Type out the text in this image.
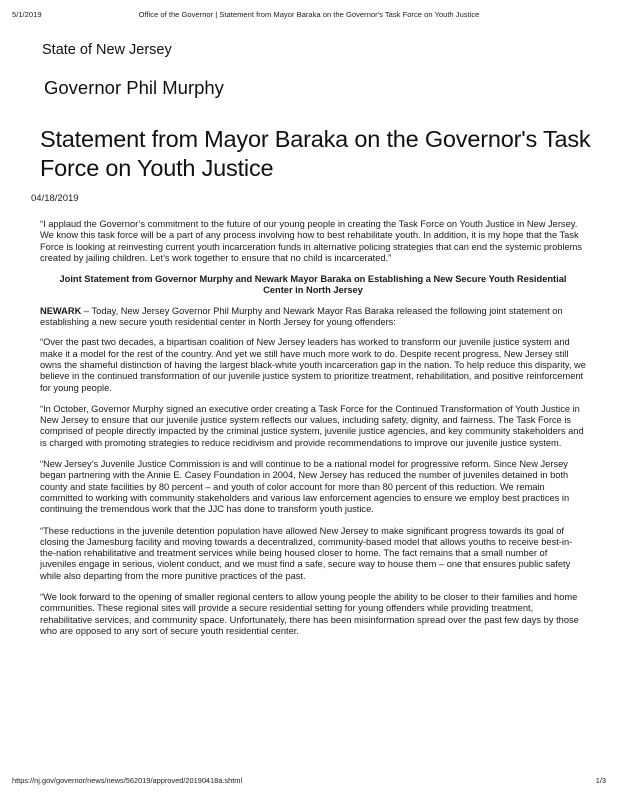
5/1/2019	Office of the Governor | Statement from Mayor Baraka on the Governor's Task Force on Youth Justice
State of New Jersey
Governor Phil Murphy
Statement from Mayor Baraka on the Governor's Task Force on Youth Justice

04/18/2019

“I applaud the Governor’s commitment to the future of our young people in creating the Task Force on Youth Justice in New Jersey. We know this task force will be a part of any process involving how to best rehabilitate youth. In addition, it is my hope that the Task Force is looking at reinvesting current youth incarceration funds in alternative policing strategies that can end the systemic problems created by jailing children. Let’s work together to ensure that no child is incarcerated.”

Joint Statement from Governor Murphy and Newark Mayor Baraka on Establishing a New Secure Youth Residential Center in North Jersey

NEWARK – Today, New Jersey Governor Phil Murphy and Newark Mayor Ras Baraka released the following joint statement on establishing a new secure youth residential center in North Jersey for young offenders:

“Over the past two decades, a bipartisan coalition of New Jersey leaders has worked to transform our juvenile justice system and make it a model for the rest of the country. And yet we still have much more work to do. Despite recent progress, New Jersey still owns the shameful distinction of having the largest black-white youth incarceration gap in the nation. To help reduce this disparity, we believe in the continued transformation of our juvenile justice system to prioritize treatment, rehabilitation, and positive reinforcement for young people.

“In October, Governor Murphy signed an executive order creating a Task Force for the Continued Transformation of Youth Justice in New Jersey to ensure that our juvenile justice system reflects our values, including safety, dignity, and fairness. The Task Force is comprised of people directly impacted by the criminal justice system, juvenile justice agencies, and key community stakeholders and is charged with promoting strategies to reduce recidivism and provide recommendations to improve our juvenile justice system.

“New Jersey’s Juvenile Justice Commission is and will continue to be a national model for progressive reform. Since New Jersey began partnering with the Annie E. Casey Foundation in 2004, New Jersey has reduced the number of juveniles detained in both county and state facilities by 80 percent – and youth of color account for more than 80 percent of this reduction. We remain committed to working with community stakeholders and various law enforcement agencies to ensure we employ best practices in continuing the tremendous work that the JJC has done to transform youth justice.

“These reductions in the juvenile detention population have allowed New Jersey to make significant progress towards its goal of closing the Jamesburg facility and moving towards a decentralized, community-based model that allows youths to receive best-in-the-nation rehabilitative and treatment services while being housed closer to home. The fact remains that a small number of juveniles engage in serious, violent conduct, and we must find a safe, secure way to house them – one that ensures public safety while also departing from the more punitive practices of the past.

“We look forward to the opening of smaller regional centers to allow young people the ability to be closer to their families and home communities. These regional sites will provide a secure residential setting for young offenders while providing treatment, rehabilitative services, and community space. Unfortunately, there has been misinformation spread over the past few days by those who are opposed to any sort of secure youth residential center.

https://nj.gov/governor/news/news/562019/approved/20190418a.shtml	1/3
